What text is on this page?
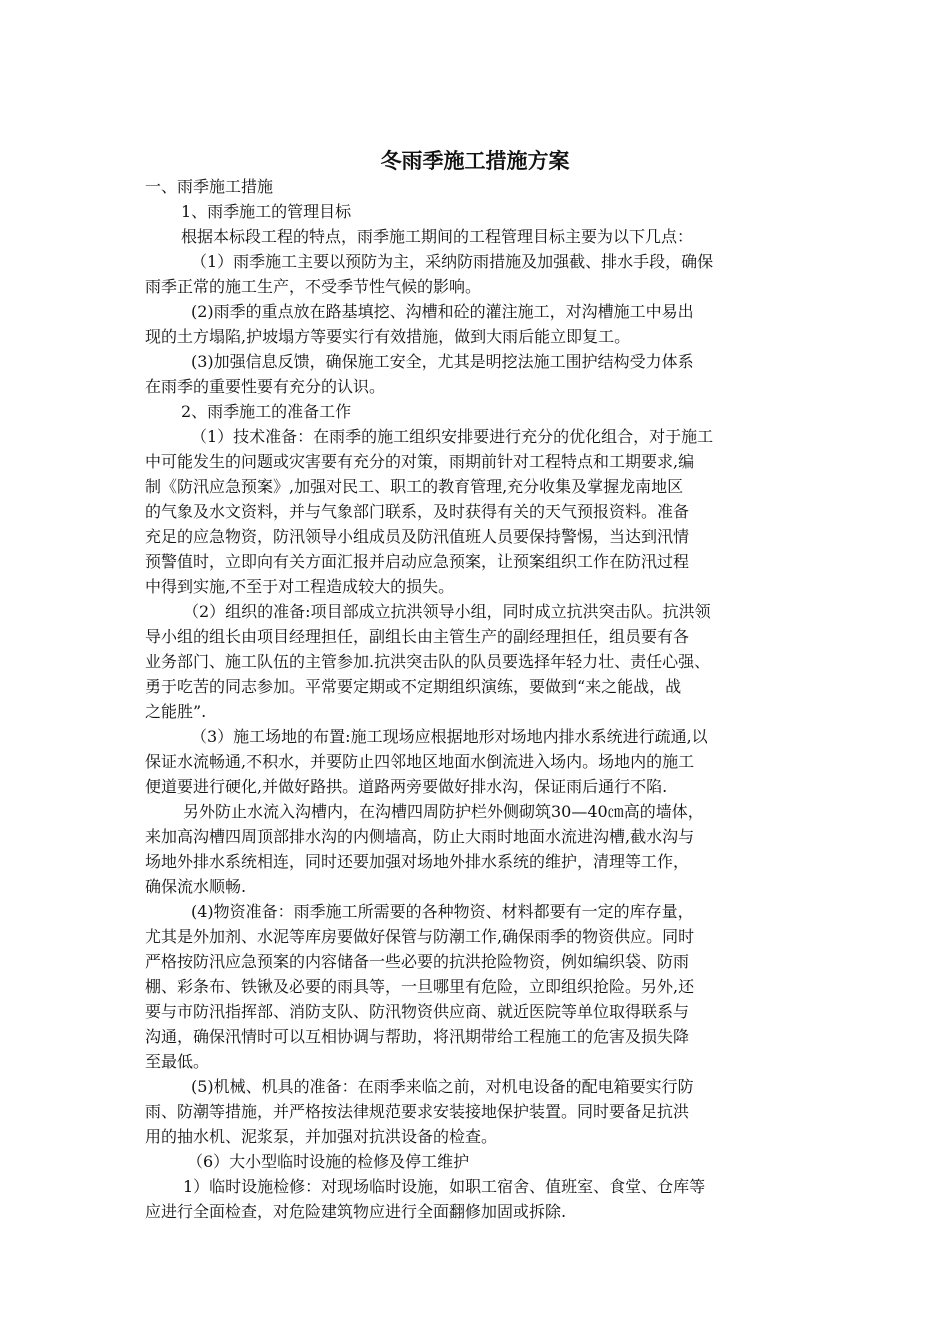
冬雨季施工措施方案
一、雨季施工措施
1、雨季施工的管理目标
根据本标段工程的特点，雨季施工期间的工程管理目标主要为以下几点：
（1）雨季施工主要以预防为主，采纳防雨措施及加强截、排水手段，确保
雨季正常的施工生产，不受季节性气候的影响。
(2)雨季的重点放在路基填挖、沟槽和砼的灌注施工，对沟槽施工中易出
现的土方塌陷,护坡塌方等要实行有效措施，做到大雨后能立即复工。
(3)加强信息反馈，确保施工安全，尤其是明挖法施工围护结构受力体系
在雨季的重要性要有充分的认识。
2、雨季施工的准备工作
（1）技术准备：在雨季的施工组织安排要进行充分的优化组合，对于施工
中可能发生的问题或灾害要有充分的对策，雨期前针对工程特点和工期要求,编
制《防汛应急预案》,加强对民工、职工的教育管理,充分收集及掌握龙南地区
的气象及水文资料，并与气象部门联系，及时获得有关的天气预报资料。准备
充足的应急物资，防汛领导小组成员及防汛值班人员要保持警惕，当达到汛情
预警值时，立即向有关方面汇报并启动应急预案，让预案组织工作在防汛过程
中得到实施,不至于对工程造成较大的损失。
（2）组织的准备:项目部成立抗洪领导小组，同时成立抗洪突击队。抗洪领
导小组的组长由项目经理担任，副组长由主管生产的副经理担任，组员要有各
业务部门、施工队伍的主管参加.抗洪突击队的队员要选择年轻力壮、责任心强、
勇于吃苦的同志参加。平常要定期或不定期组织演练，要做到“来之能战，战
之能胜”.
（3）施工场地的布置:施工现场应根据地形对场地内排水系统进行疏通,以
保证水流畅通,不积水，并要防止四邻地区地面水倒流进入场内。场地内的施工
便道要进行硬化,并做好路拱。道路两旁要做好排水沟，保证雨后通行不陷.
另外防止水流入沟槽内，在沟槽四周防护栏外侧砌筑30—40㎝高的墙体，
来加高沟槽四周顶部排水沟的内侧墙高，防止大雨时地面水流进沟槽,截水沟与
场地外排水系统相连，同时还要加强对场地外排水系统的维护，清理等工作，
确保流水顺畅.
(4)物资准备：雨季施工所需要的各种物资、材料都要有一定的库存量，
尤其是外加剂、水泥等库房要做好保管与防潮工作,确保雨季的物资供应。同时
严格按防汛应急预案的内容储备一些必要的抗洪抢险物资，例如编织袋、防雨
棚、彩条布、铁锹及必要的雨具等，一旦哪里有危险，立即组织抢险。另外,还
要与市防汛指挥部、消防支队、防汛物资供应商、就近医院等单位取得联系与
沟通，确保汛情时可以互相协调与帮助，将汛期带给工程施工的危害及损失降
至最低。
(5)机械、机具的准备：在雨季来临之前，对机电设备的配电箱要实行防
雨、防潮等措施，并严格按法律规范要求安装接地保护装置。同时要备足抗洪
用的抽水机、泥浆泵，并加强对抗洪设备的检查。
（6）大小型临时设施的检修及停工维护
1）临时设施检修：对现场临时设施，如职工宿舍、值班室、食堂、仓库等
应进行全面检查，对危险建筑物应进行全面翻修加固或拆除.
